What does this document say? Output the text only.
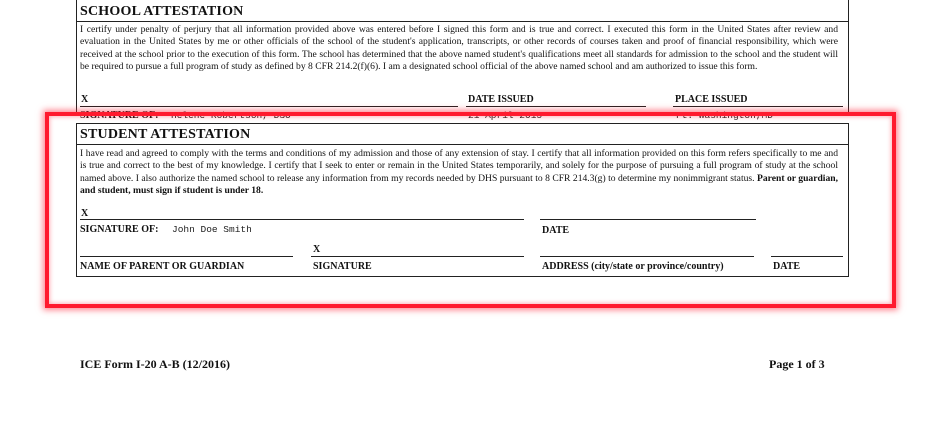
SCHOOL ATTESTATION
I certify under penalty of perjury that all information provided above was entered before I signed this form and is true and correct. I executed this form in the United States after review and evaluation in the United States by me or other officials of the school of the student's application, transcripts, or other records of courses taken and proof of financial responsibility, which were received at the school prior to the execution of this form. The school has determined that the above named student's qualifications meet all standards for admission to the school and the student will be required to pursue a full program of study as defined by 8 CFR 214.2(f)(6). I am a designated school official of the above named school and am authorized to issue this form.
X	DATE ISSUED	PLACE ISSUED
SIGNATURE OF: Helene Robertson, DSO	21 April 2015	Ft. Washington,MD
STUDENT ATTESTATION
I have read and agreed to comply with the terms and conditions of my admission and those of any extension of stay. I certify that all information provided on this form refers specifically to me and is true and correct to the best of my knowledge. I certify that I seek to enter or remain in the United States temporarily, and solely for the purpose of pursuing a full program of study at the school named above. I also authorize the named school to release any information from my records needed by DHS pursuant to 8 CFR 214.3(g) to determine my nonimmigrant status. Parent or guardian, and student, must sign if student is under 18.
X
SIGNATURE OF: John Doe Smith	DATE
X
NAME OF PARENT OR GUARDIAN	SIGNATURE	ADDRESS (city/state or province/country)	DATE
ICE Form I-20 A-B (12/2016)	Page 1 of 3
